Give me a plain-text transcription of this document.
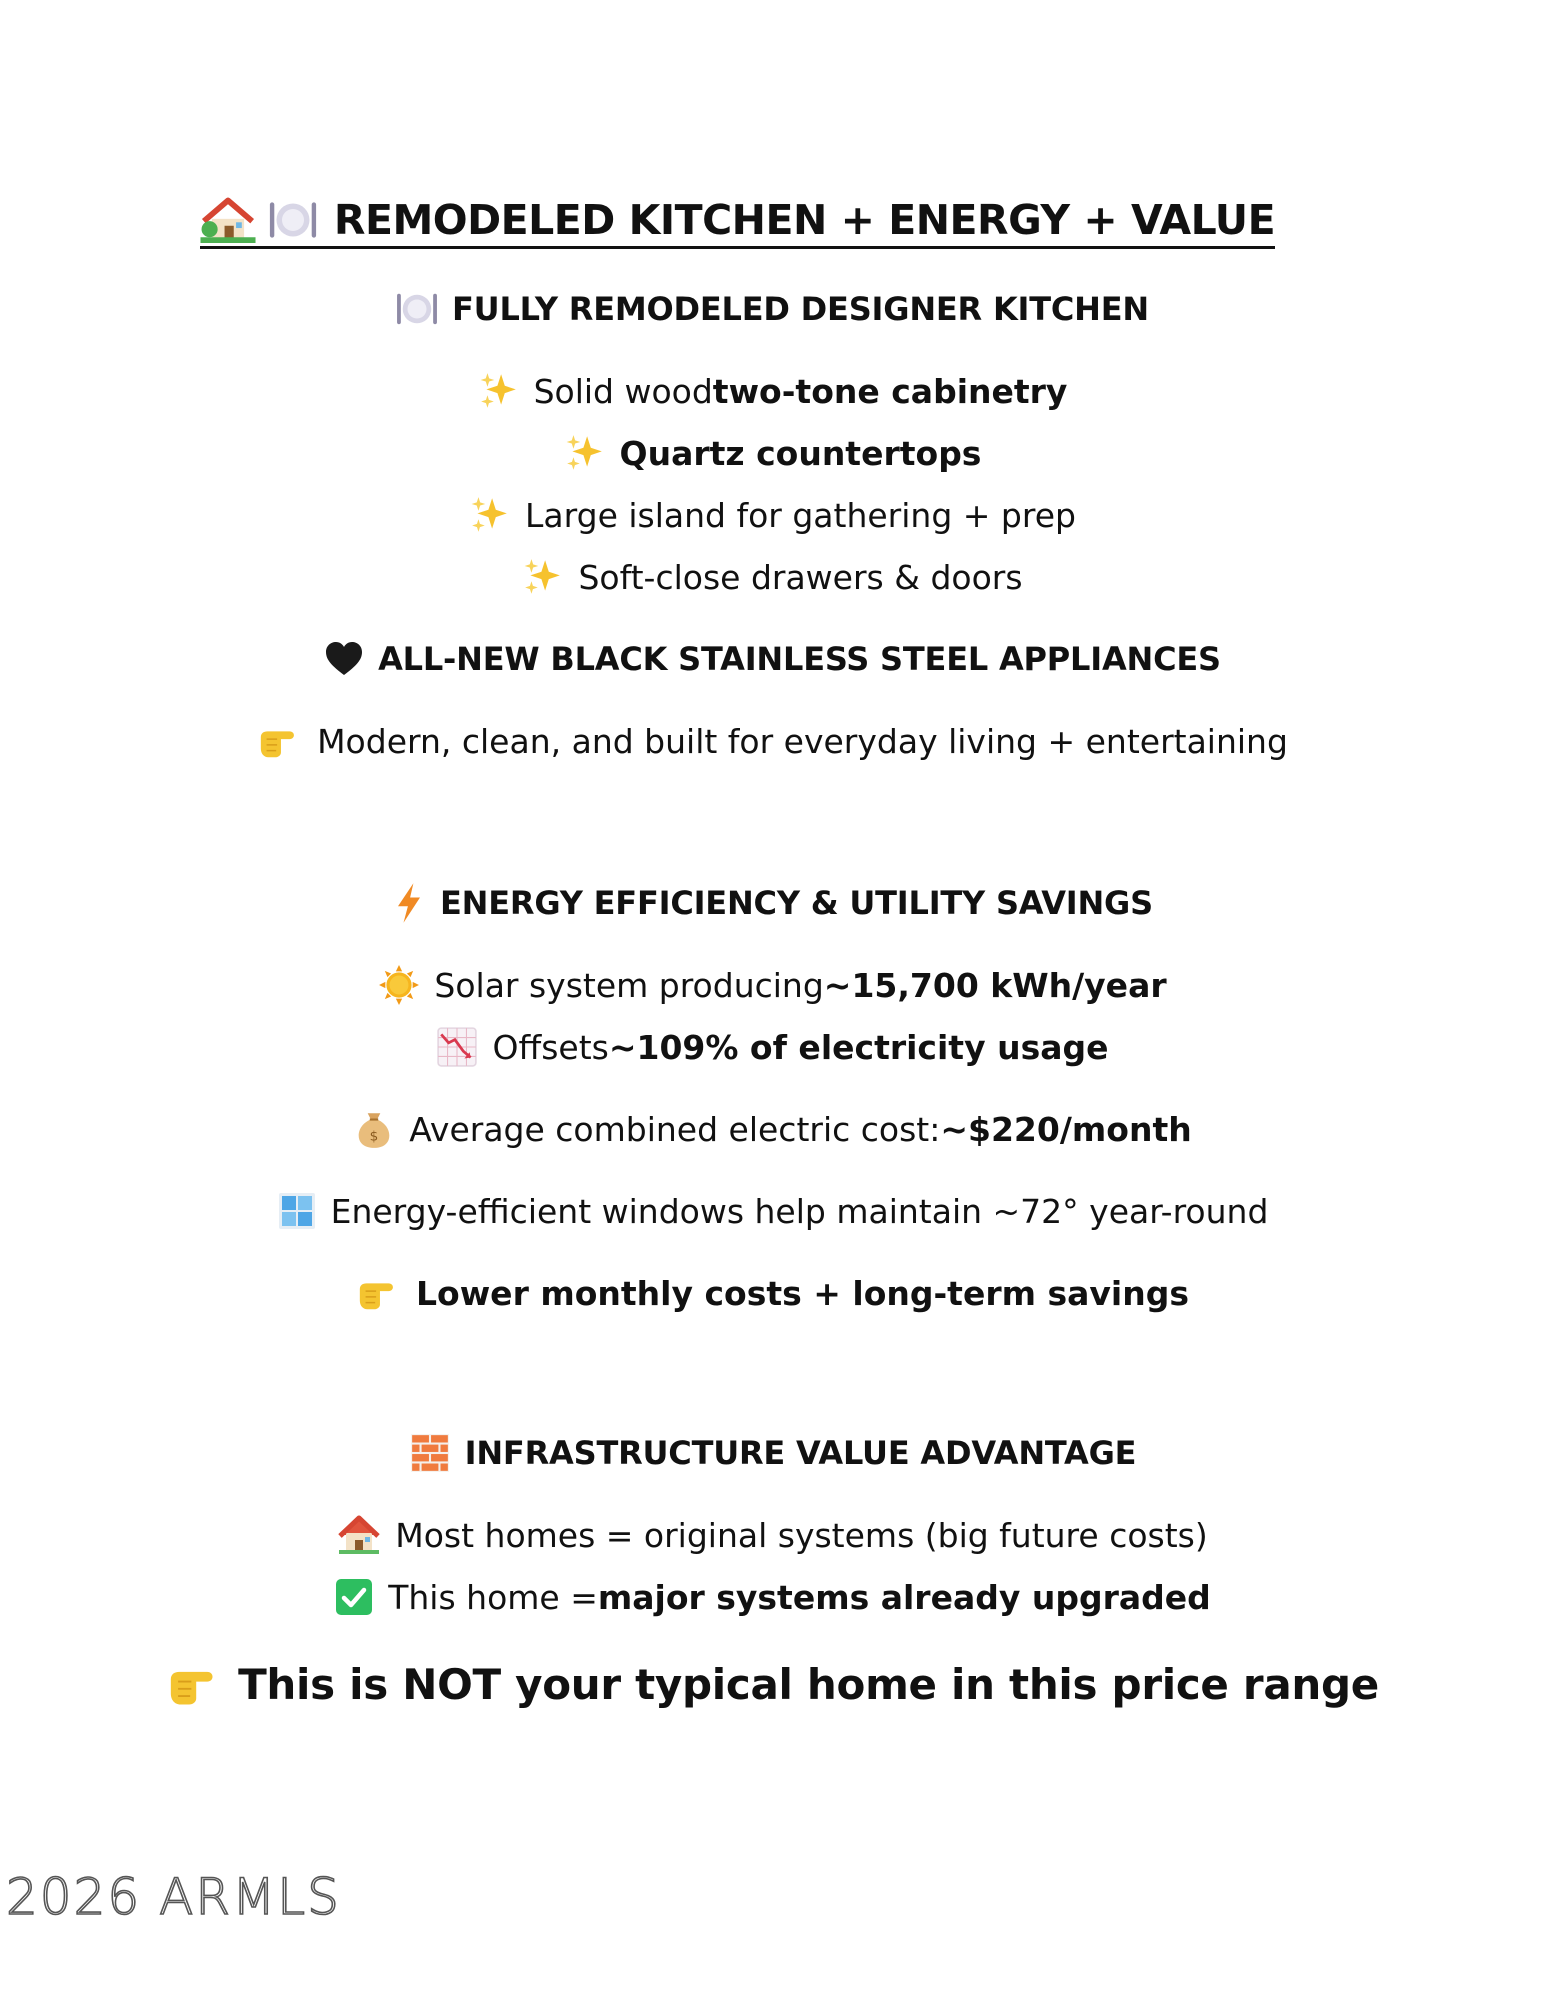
REMODELED KITCHEN + ENERGY + VALUE
FULLY REMODELED DESIGNER KITCHEN
Solid wood two-tone cabinetry
Quartz countertops
Large island for gathering + prep
Soft-close drawers & doors
ALL-NEW BLACK STAINLESS STEEL APPLIANCES
Modern, clean, and built for everyday living + entertaining
ENERGY EFFICIENCY & UTILITY SAVINGS
Solar system producing ~15,700 kWh/year
Offsets ~109% of electricity usage
Average combined electric cost: ~$220/month
Energy-efficient windows help maintain ~72° year-round
Lower monthly costs + long-term savings
INFRASTRUCTURE VALUE ADVANTAGE
Most homes = original systems (big future costs)
This home = major systems already upgraded
This is NOT your typical home in this price range
2026 ARMLS
